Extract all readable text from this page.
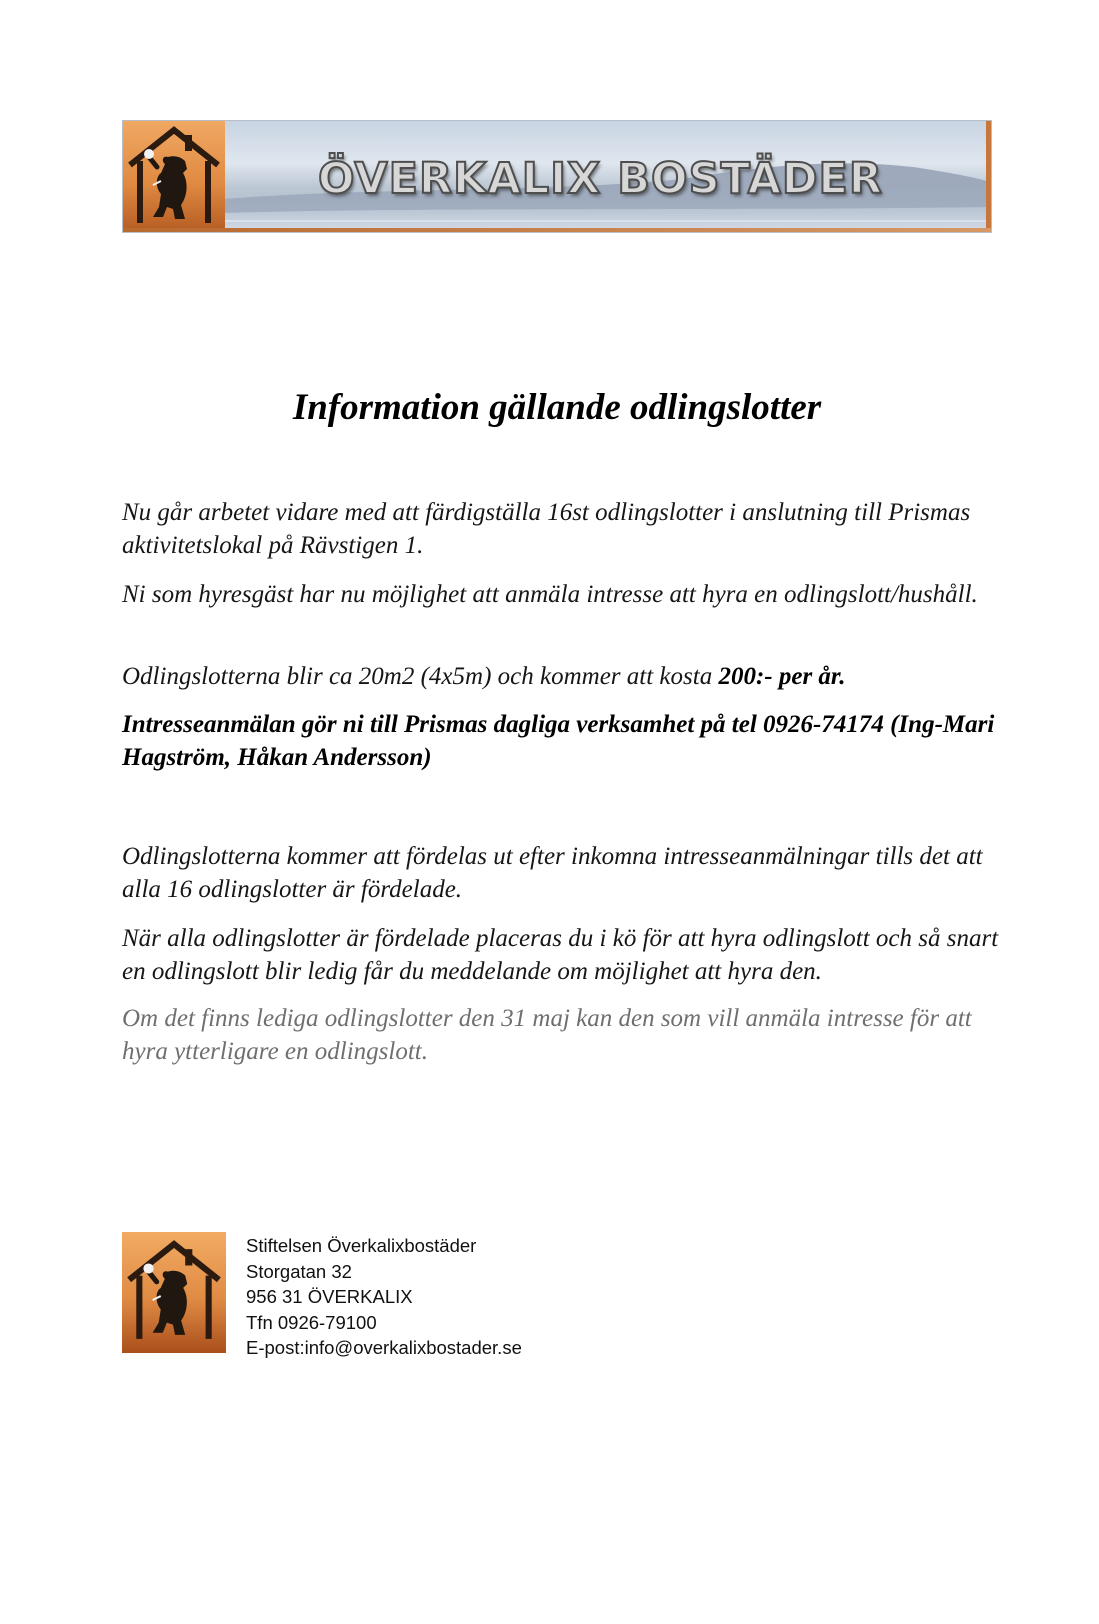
ÖVERKALIX BOSTÄDER
Information gällande odlingslotter

Nu går arbetet vidare med att färdigställa 16st odlingslotter i anslutning till Prismas aktivitetslokal på Rävstigen 1.

Ni som hyresgäst har nu möjlighet att anmäla intresse att hyra en odlingslott/hushåll.

Odlingslotterna blir ca 20m2 (4x5m) och kommer att kosta 200:- per år.

Intresseanmälan gör ni till Prismas dagliga verksamhet på tel 0926-74174 (Ing-Mari Hagström, Håkan Andersson)

Odlingslotterna kommer att fördelas ut efter inkomna intresseanmälningar tills det att alla 16 odlingslotter är fördelade.

När alla odlingslotter är fördelade placeras du i kö för att hyra odlingslott och så snart en odlingslott blir ledig får du meddelande om möjlighet att hyra den.

Om det finns lediga odlingslotter den 31 maj kan den som vill anmäla intresse för att hyra ytterligare en odlingslott.

Stiftelsen Överkalixbostäder
Storgatan 32
956 31 ÖVERKALIX
Tfn 0926-79100
E-post:info@overkalixbostader.se
